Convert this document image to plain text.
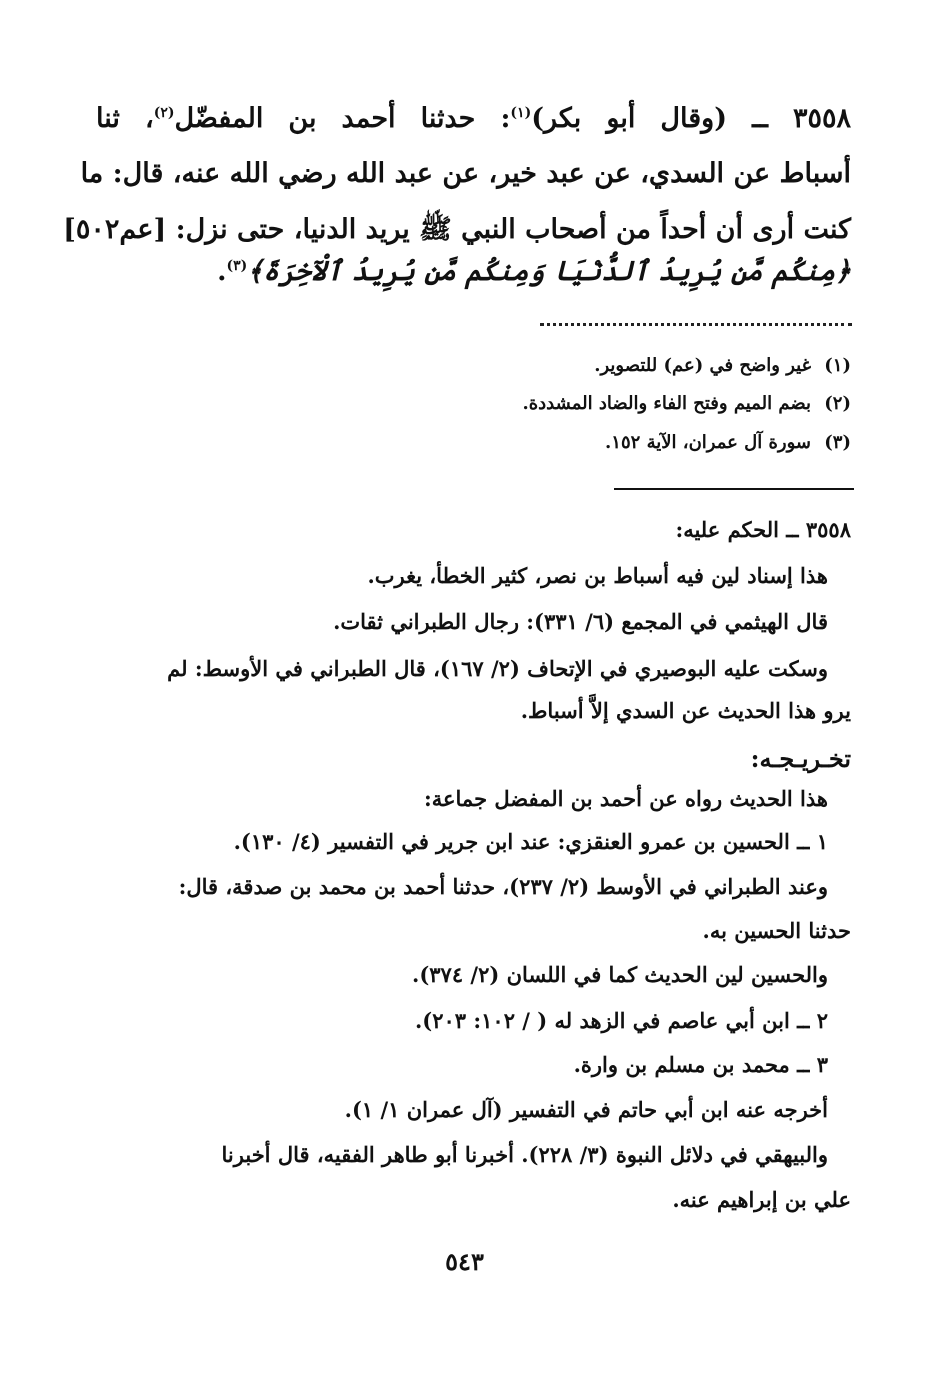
٣٥٥٨ ــ (وقال أبو بكر)$^{(١)}$: حدثنا أحمد بن المفضّل$^{(٢)}$، ثنا
أسباط عن السدي، عن عبد خير، عن عبد الله رضي الله عنه، قال: ما
كنت أرى أن أحداً من أصحاب النبي ﷺ يريد الدنيا، حتى نزل: [عم٥٠٢]
﴿مِنكُم مَّن يُرِيدُ ٱلدُّنْيَا وَمِنكُم مَّن يُرِيدُ ٱلْآخِرَةَ﴾$^{(٣)}$.
(١)غير واضح في (عم) للتصوير.
(٢)بضم الميم وفتح الفاء والضاد المشددة.
(٣)سورة آل عمران، الآية ١٥٢.
٣٥٥٨ ــ الحكم عليه:
هذا إسناد لين فيه أسباط بن نصر، كثير الخطأ، يغرب.
قال الهيثمي في المجمع (٦/ ٣٣١): رجال الطبراني ثقات.
وسكت عليه البوصيري في الإتحاف (٢/ ١٦٧)، قال الطبراني في الأوسط: لم
يرو هذا الحديث عن السدي إلاَّ أسباط.
تخـريـجـه:
هذا الحديث رواه عن أحمد بن المفضل جماعة:
١ ــ الحسين بن عمرو العنقزي: عند ابن جرير في التفسير (٤/ ١٣٠).
وعند الطبراني في الأوسط (٢/ ٢٣٧)، حدثنا أحمد بن محمد بن صدقة، قال:
حدثنا الحسين به.
والحسين لين الحديث كما في اللسان (٢/ ٣٧٤).
٢ ــ ابن أبي عاصم في الزهد له ( / ١٠٢: ٢٠٣).
٣ ــ محمد بن مسلم بن وارة.
أخرجه عنه ابن أبي حاتم في التفسير (آل عمران ١/ ١).
والبيهقي في دلائل النبوة (٣/ ٢٢٨). أخبرنا أبو طاهر الفقيه، قال أخبرنا
علي بن إبراهيم عنه.
٥٤٣
